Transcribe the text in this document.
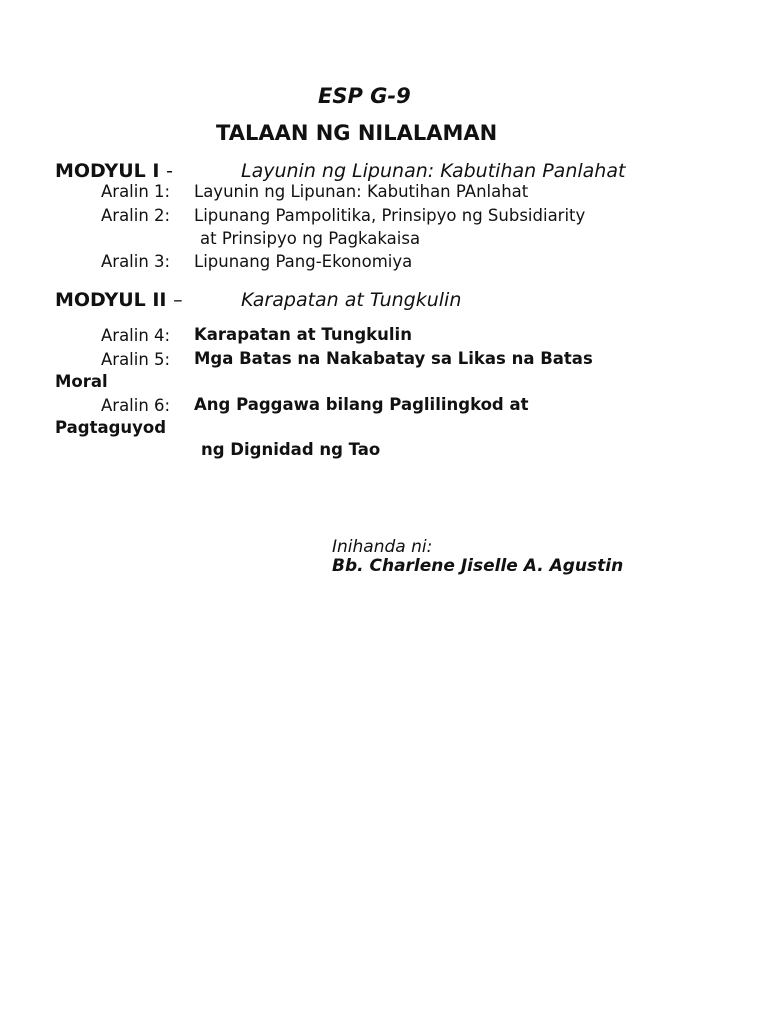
ESP G-9
TALAAN NG NILALAMAN
MODYUL I -	Layunin ng Lipunan: Kabutihan Panlahat
Aralin 1: Layunin ng Lipunan: Kabutihan PAnlahat
Aralin 2: Lipunang Pampolitika, Prinsipyo ng Subsidiarity
at Prinsipyo ng Pagkakaisa
Aralin 3: Lipunang Pang-Ekonomiya
MODYUL II –	Karapatan at Tungkulin
Aralin 4: Karapatan at Tungkulin
Aralin 5: Mga Batas na Nakabatay sa Likas na Batas
Moral
Aralin 6: Ang Paggawa bilang Paglilingkod at
Pagtaguyod
ng Dignidad ng Tao
Inihanda ni:
Bb. Charlene Jiselle A. Agustin
